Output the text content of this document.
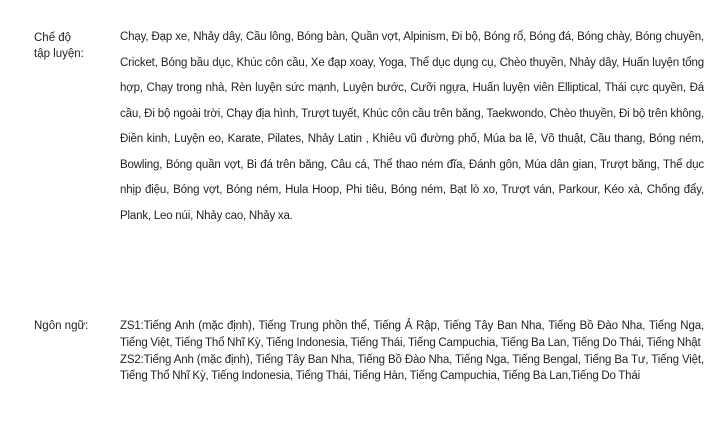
Chế độ
tập luyện:
Chạy, Đạp xe, Nhảy dây, Cầu lông, Bóng bàn, Quần vợt, Alpinism, Đi bộ, Bóng rổ, Bóng đá, Bóng chày, Bóng chuyền, Cricket, Bóng bầu dục, Khúc côn cầu, Xe đạp xoay, Yoga, Thể dục dụng cụ, Chèo thuyền, Nhảy dây, Huấn luyện tổng hợp, Chạy trong nhà, Rèn luyện sức mạnh, Luyện bước, Cưỡi ngựa, Huấn luyện viên Elliptical, Thái cực quyền, Đá cầu, Đi bộ ngoài trời, Chạy địa hình, Trượt tuyết, Khúc côn cầu trên băng, Taekwondo, Chèo thuyền, Đi bộ trên không, Điền kinh, Luyện eo, Karate, Pilates, Nhảy Latin , Khiêu vũ đường phố, Múa ba lê, Võ thuật, Cầu thang, Bóng ném, Bowling, Bóng quần vợt, Bi đá trên băng, Câu cá, Thể thao ném đĩa, Đánh gôn, Múa dân gian, Trượt băng, Thể dục nhịp điệu, Bóng vợt, Bóng ném, Hula Hoop, Phi tiêu, Bóng ném, Bạt lò xo, Trượt ván, Parkour, Kéo xà, Chống đẩy, Plank, Leo núi, Nhảy cao, Nhảy xa.
Ngôn ngữ:	ZS1:Tiếng Anh (mặc định), Tiếng Trung phồn thể, Tiếng Ả Rập, Tiếng Tây Ban Nha, Tiếng Bồ Đào Nha, Tiếng Nga, Tiếng Việt, Tiếng Thổ Nhĩ Kỳ, Tiếng Indonesia, Tiếng Thái, Tiếng Campuchia, Tiếng Ba Lan, Tiếng Do Thái, Tiếng Nhật
ZS2:Tiếng Anh (mặc định), Tiếng Tây Ban Nha, Tiếng Bồ Đào Nha, Tiếng Nga, Tiếng Bengal, Tiếng Ba Tư, Tiếng Việt, Tiếng Thổ Nhĩ Kỳ, Tiếng Indonesia, Tiếng Thái, Tiếng Hàn, Tiếng Campuchia, Tiếng Ba Lan,Tiếng Do Thái
